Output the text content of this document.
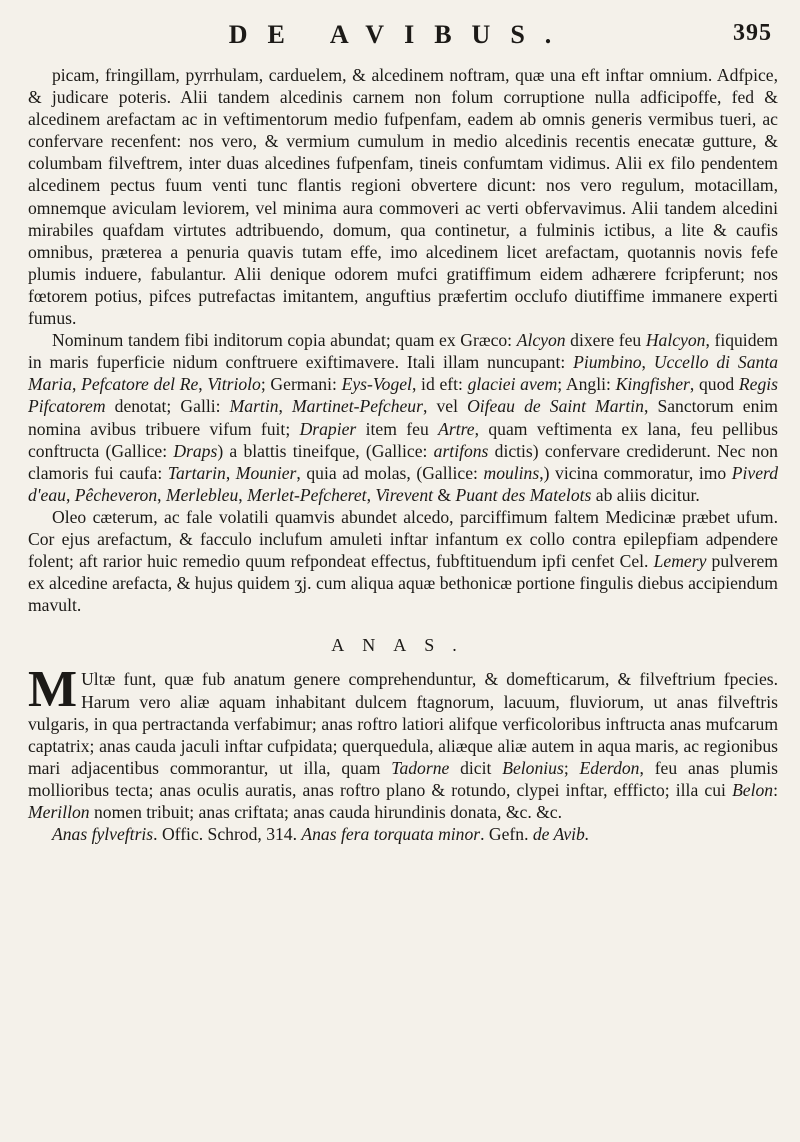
DE AVIBUS.	395

picam, fringillam, pyrrhulam, carduelem, & alcedinem noftram, quæ una eft inftar omnium. Adfpice, & judicare poteris. Alii tandem alcedinis carnem non folum corruptione nulla adficipoffe, fed & alcedinem arefactam ac in veftimentorum medio fufpenfam, eadem ab omnis generis vermibus tueri, ac confervare recenfent: nos vero, & vermium cumulum in medio alcedinis recentis enecatæ gutture, & columbam filveftrem, inter duas alcedines fufpenfam, tineis confumtam vidimus. Alii ex filo pendentem alcedinem pectus fuum venti tunc flantis regioni obvertere dicunt: nos vero regulum, motacillam, omnemque aviculam leviorem, vel minima aura commoveri ac verti obfervavimus. Alii tandem alcedini mirabiles quafdam virtutes adtribuendo, domum, qua continetur, a fulminis ictibus, a lite & caufis omnibus, præterea a penuria quavis tutam effe, imo alcedinem licet arefactam, quotannis novis fefe plumis induere, fabulantur. Alii denique odorem mufci gratiffimum eidem adhærere fcripferunt; nos fœtorem potius, pifces putrefactas imitantem, anguftius præfertim occlufo diutiffime immanere experti fumus.

Nominum tandem fibi inditorum copia abundat; quam ex Græco: Alcyon dixere feu Halcyon, fiquidem in maris fuperficie nidum conftruere exiftimavere. Itali illam nuncupant: Piumbino, Uccello di Santa Maria, Pefcatore del Re, Vitriolo; Germani: Eys-Vogel, id eft: glaciei avem; Angli: Kingfisher, quod Regis Pifcatorem denotat; Galli: Martin, Martinet-Pefcheur, vel Oifeau de Saint Martin, Sanctorum enim nomina avibus tribuere vifum fuit; Drapier item feu Artre, quam veftimenta ex lana, feu pellibus conftructa (Gallice: Draps) a blattis tineifque, (Gallice: artifons dictis) confervare crediderunt. Nec non clamoris fui caufa: Tartarin, Mounier, quia ad molas, (Gallice: moulins,) vicina commoratur, imo Piverd d'eau, Pêcheveron, Merlebleu, Merlet-Pefcheret, Virevent & Puant des Matelots ab aliis dicitur.

Oleo cæterum, ac fale volatili quamvis abundet alcedo, parciffimum faltem Medicinæ præbet ufum. Cor ejus arefactum, & facculo inclufum amuleti inftar infantum ex collo contra epilepfiam adpendere folent; aft rarior huic remedio quum refpondeat effectus, fubftituendum ipfi cenfet Cel. Lemery pulverem ex alcedine arefacta, & hujus quidem ʒj. cum aliqua aquæ bethonicæ portione fingulis diebus accipiendum mavult.

ANAS.

M Ultæ funt, quæ fub anatum genere comprehenduntur, & domefticarum, & filveftrium fpecies. Harum vero aliæ aquam inhabitant dulcem ftagnorum, lacuum, fluviorum, ut anas filveftris vulgaris, in qua pertractanda verfabimur; anas roftro latiori alifque verficoloribus inftructa anas mufcarum captatrix; anas cauda jaculi inftar cufpidata; querquedula, aliæque aliæ autem in aqua maris, ac regionibus mari adjacentibus commorantur, ut illa, quam Tadorne dicit Belonius; Ederdon, feu anas plumis mollioribus tecta; anas oculis auratis, anas roftro plano & rotundo, clypei inftar, effficto; illa cui Belon: Merillon nomen tribuit; anas criftata; anas cauda hirundinis donata, &c. &c.

Anas fylveftris. Offic. Schrod, 314. Anas fera torquata minor. Gefn. de Avib.
